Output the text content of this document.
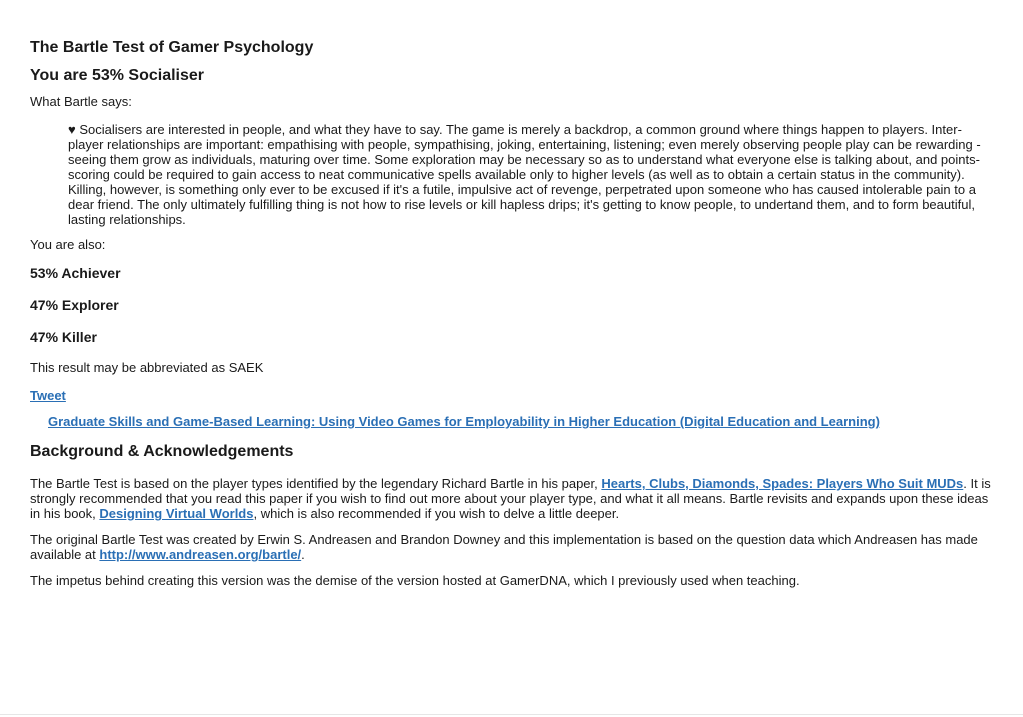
The Bartle Test of Gamer Psychology
You are 53% Socialiser

What Bartle says:

♥ Socialisers are interested in people, and what they have to say. The game is merely a backdrop, a common ground where things happen to players. Inter-player relationships are important: empathising with people, sympathising, joking, entertaining, listening; even merely observing people play can be rewarding - seeing them grow as individuals, maturing over time. Some exploration may be necessary so as to understand what everyone else is talking about, and points-scoring could be required to gain access to neat communicative spells available only to higher levels (as well as to obtain a certain status in the community). Killing, however, is something only ever to be excused if it's a futile, impulsive act of revenge, perpetrated upon someone who has caused intolerable pain to a dear friend. The only ultimately fulfilling thing is not how to rise levels or kill hapless drips; it's getting to know people, to undertand them, and to form beautiful, lasting relationships.

You are also:

53% Achiever
47% Explorer
47% Killer

This result may be abbreviated as SAEK

Tweet
Graduate Skills and Game-Based Learning: Using Video Games for Employability in Higher Education (Digital Education and Learning)
Background & Acknowledgements

The Bartle Test is based on the player types identified by the legendary Richard Bartle in his paper, Hearts, Clubs, Diamonds, Spades: Players Who Suit MUDs. It is strongly recommended that you read this paper if you wish to find out more about your player type, and what it all means. Bartle revisits and expands upon these ideas in his book, Designing Virtual Worlds, which is also recommended if you wish to delve a little deeper.

The original Bartle Test was created by Erwin S. Andreasen and Brandon Downey and this implementation is based on the question data which Andreasen has made available at http://www.andreasen.org/bartle/.

The impetus behind creating this version was the demise of the version hosted at GamerDNA, which I previously used when teaching.
